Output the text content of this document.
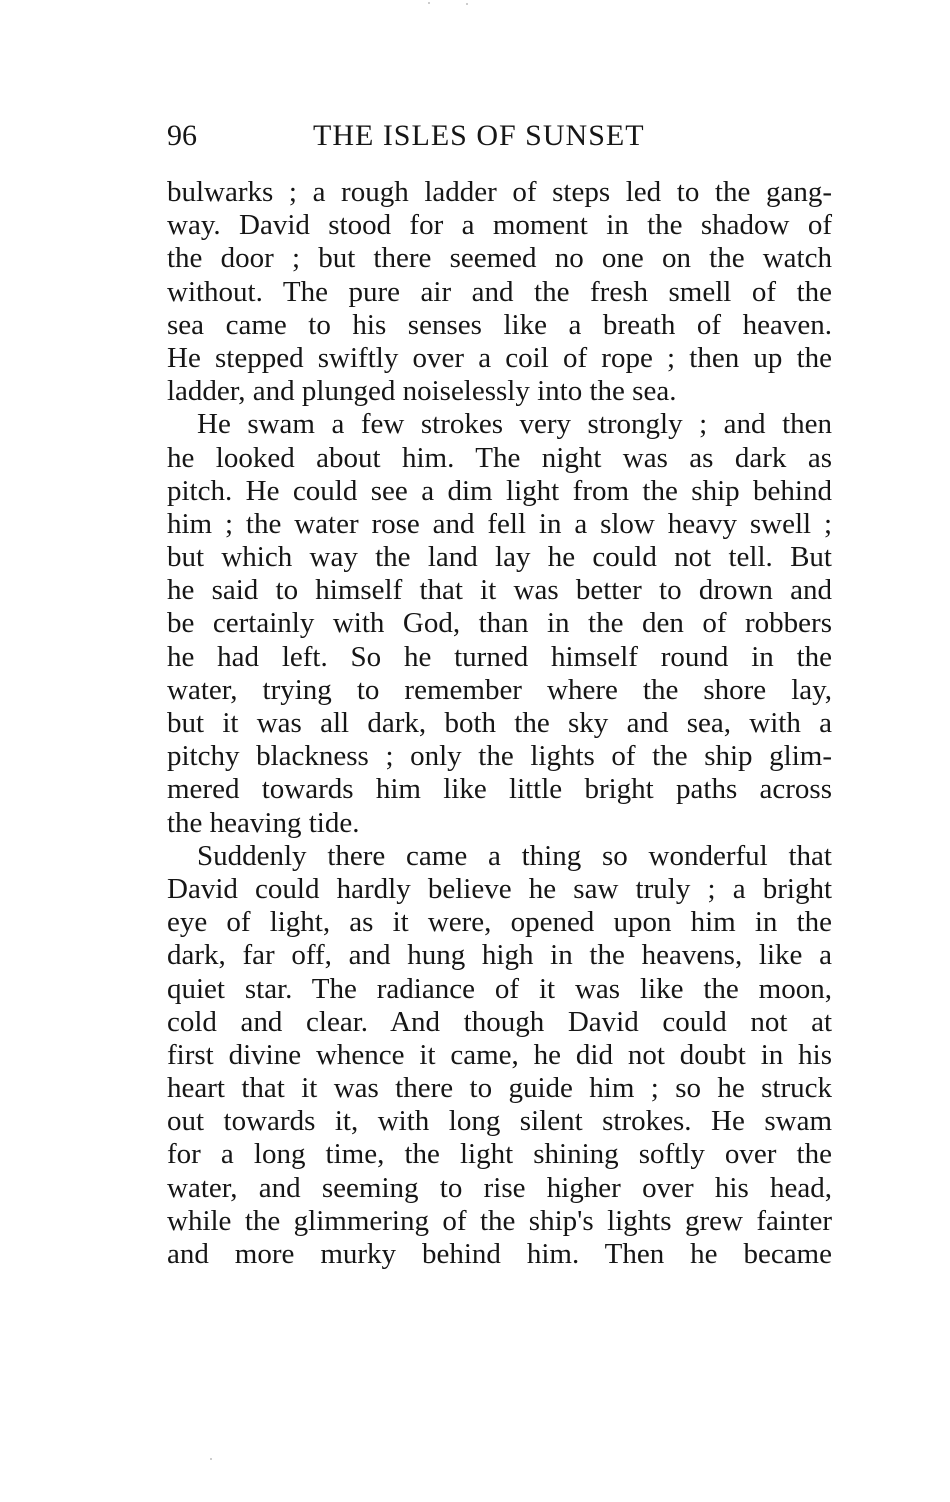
96	THE ISLES OF SUNSET
bulwarks ; a rough ladder of steps led to the gang-
way. David stood for a moment in the shadow of
the door ; but there seemed no one on the watch
without. The pure air and the fresh smell of the
sea came to his senses like a breath of heaven.
He stepped swiftly over a coil of rope ; then up the
ladder, and plunged noiselessly into the sea.
He swam a few strokes very strongly ; and then
he looked about him. The night was as dark as
pitch. He could see a dim light from the ship behind
him ; the water rose and fell in a slow heavy swell ;
but which way the land lay he could not tell. But
he said to himself that it was better to drown and
be certainly with God, than in the den of robbers
he had left. So he turned himself round in the
water, trying to remember where the shore lay,
but it was all dark, both the sky and sea, with a
pitchy blackness ; only the lights of the ship glim-
mered towards him like little bright paths across
the heaving tide.
Suddenly there came a thing so wonderful that
David could hardly believe he saw truly ; a bright
eye of light, as it were, opened upon him in the
dark, far off, and hung high in the heavens, like a
quiet star. The radiance of it was like the moon,
cold and clear. And though David could not at
first divine whence it came, he did not doubt in his
heart that it was there to guide him ; so he struck
out towards it, with long silent strokes. He swam
for a long time, the light shining softly over the
water, and seeming to rise higher over his head,
while the glimmering of the ship's lights grew fainter
and more murky behind him. Then he became
